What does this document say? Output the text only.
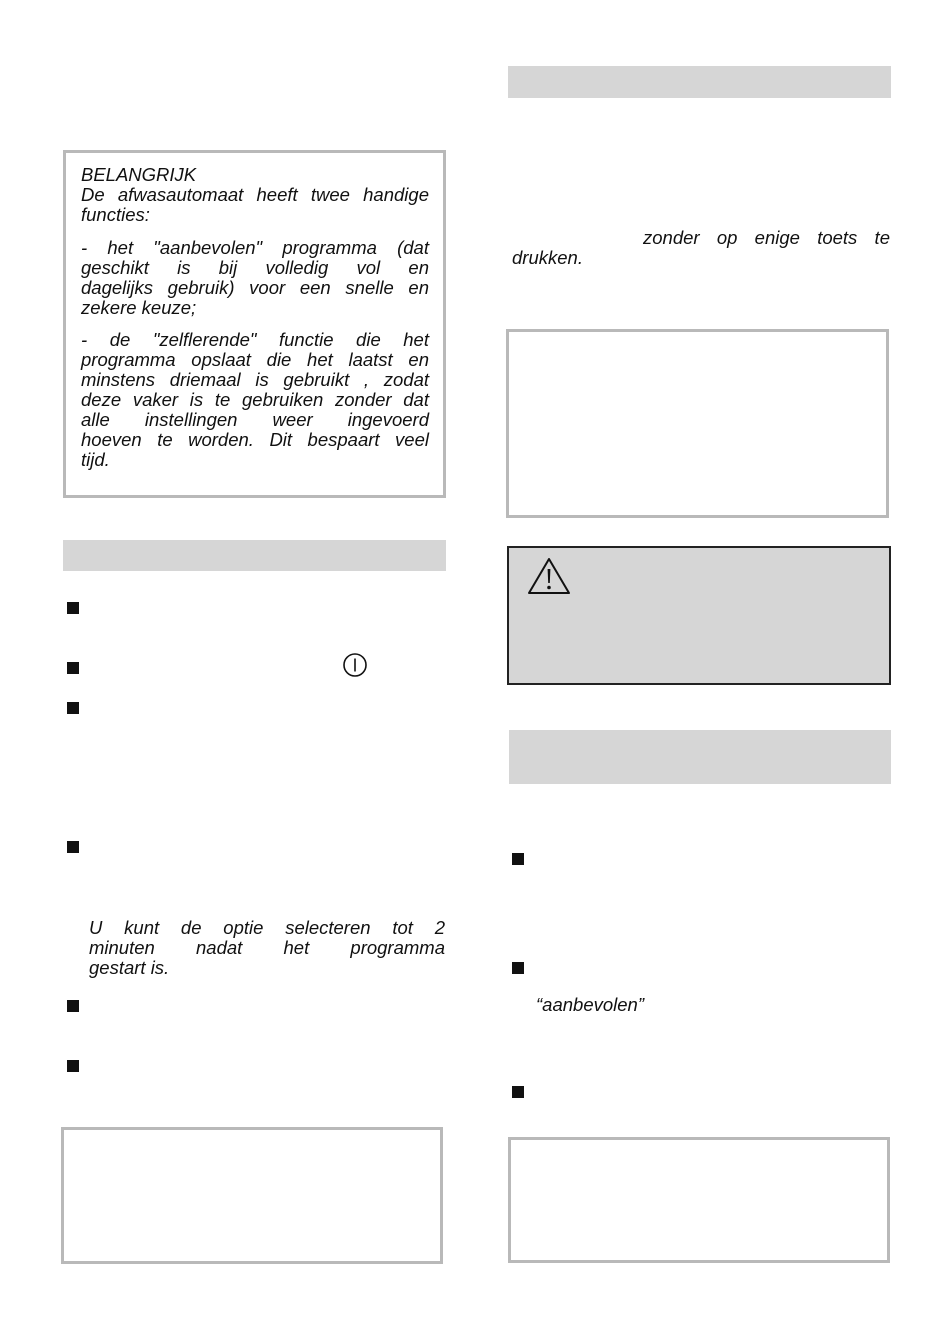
BELANGRIJK

De afwasautomaat heeft twee handige

functies:

- het "aanbevolen" programma (dat

geschikt is bij volledig vol en

dagelijks gebruik) voor een snelle en

zekere keuze;

- de "zelflerende" functie die het

programma opslaat die het laatst en

minstens driemaal is gebruikt , zodat

deze vaker is te gebruiken zonder dat

alle instellingen weer ingevoerd

hoeven te worden. Dit bespaart veel

tijd.

U kunt de optie selecteren tot 2
minuten nadat het programma
gestart is.
zonder op enige toets te
drukken.
“aanbevolen”
